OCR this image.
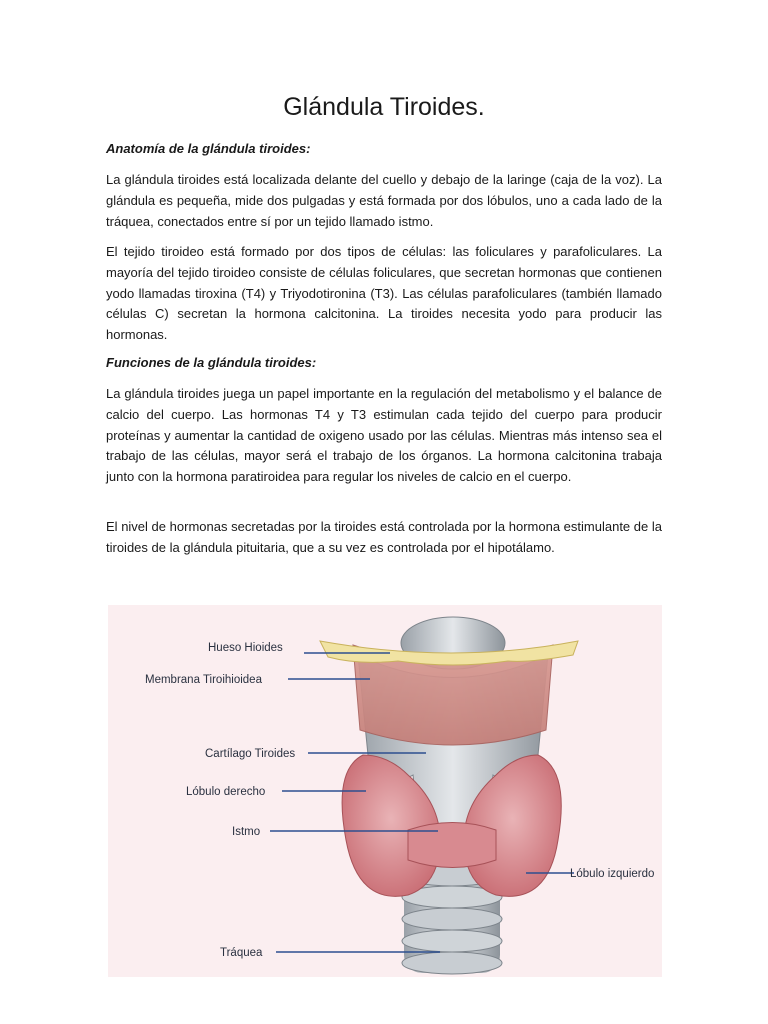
Glándula Tiroides.
Anatomía de la glándula tiroides:

La glándula tiroides está localizada delante del cuello y debajo de la laringe (caja de la voz). La glándula es pequeña, mide dos pulgadas y está formada por dos lóbulos, uno a cada lado de la tráquea, conectados entre sí por un tejido llamado istmo.

El tejido tiroideo está formado por dos tipos de células: las foliculares y parafoliculares. La mayoría del tejido tiroideo consiste de células foliculares, que secretan hormonas que contienen yodo llamadas tiroxina (T4) y Triyodotironina (T3). Las células parafoliculares (también llamado células C) secretan la hormona calcitonina. La tiroides necesita yodo para producir las hormonas.

Funciones de la glándula tiroides:

La glándula tiroides juega un papel importante en la regulación del metabolismo y el balance de calcio del cuerpo. Las hormonas T4 y T3 estimulan cada tejido del cuerpo para producir proteínas y aumentar la cantidad de oxigeno usado por las células. Mientras más intenso sea el trabajo de las células, mayor será el trabajo de los órganos. La hormona calcitonina trabaja junto con la hormona paratiroidea para regular los niveles de calcio en el cuerpo.

El nivel de hormonas secretadas por la tiroides está controlada por la hormona estimulante de la tiroides de la glándula pituitaria, que a su vez es controlada por el hipotálamo.

Hueso Hioides
Membrana Tiroihioidea
Cartílago Tiroides
Lóbulo derecho
Istmo
Lóbulo izquierdo
Tráquea
